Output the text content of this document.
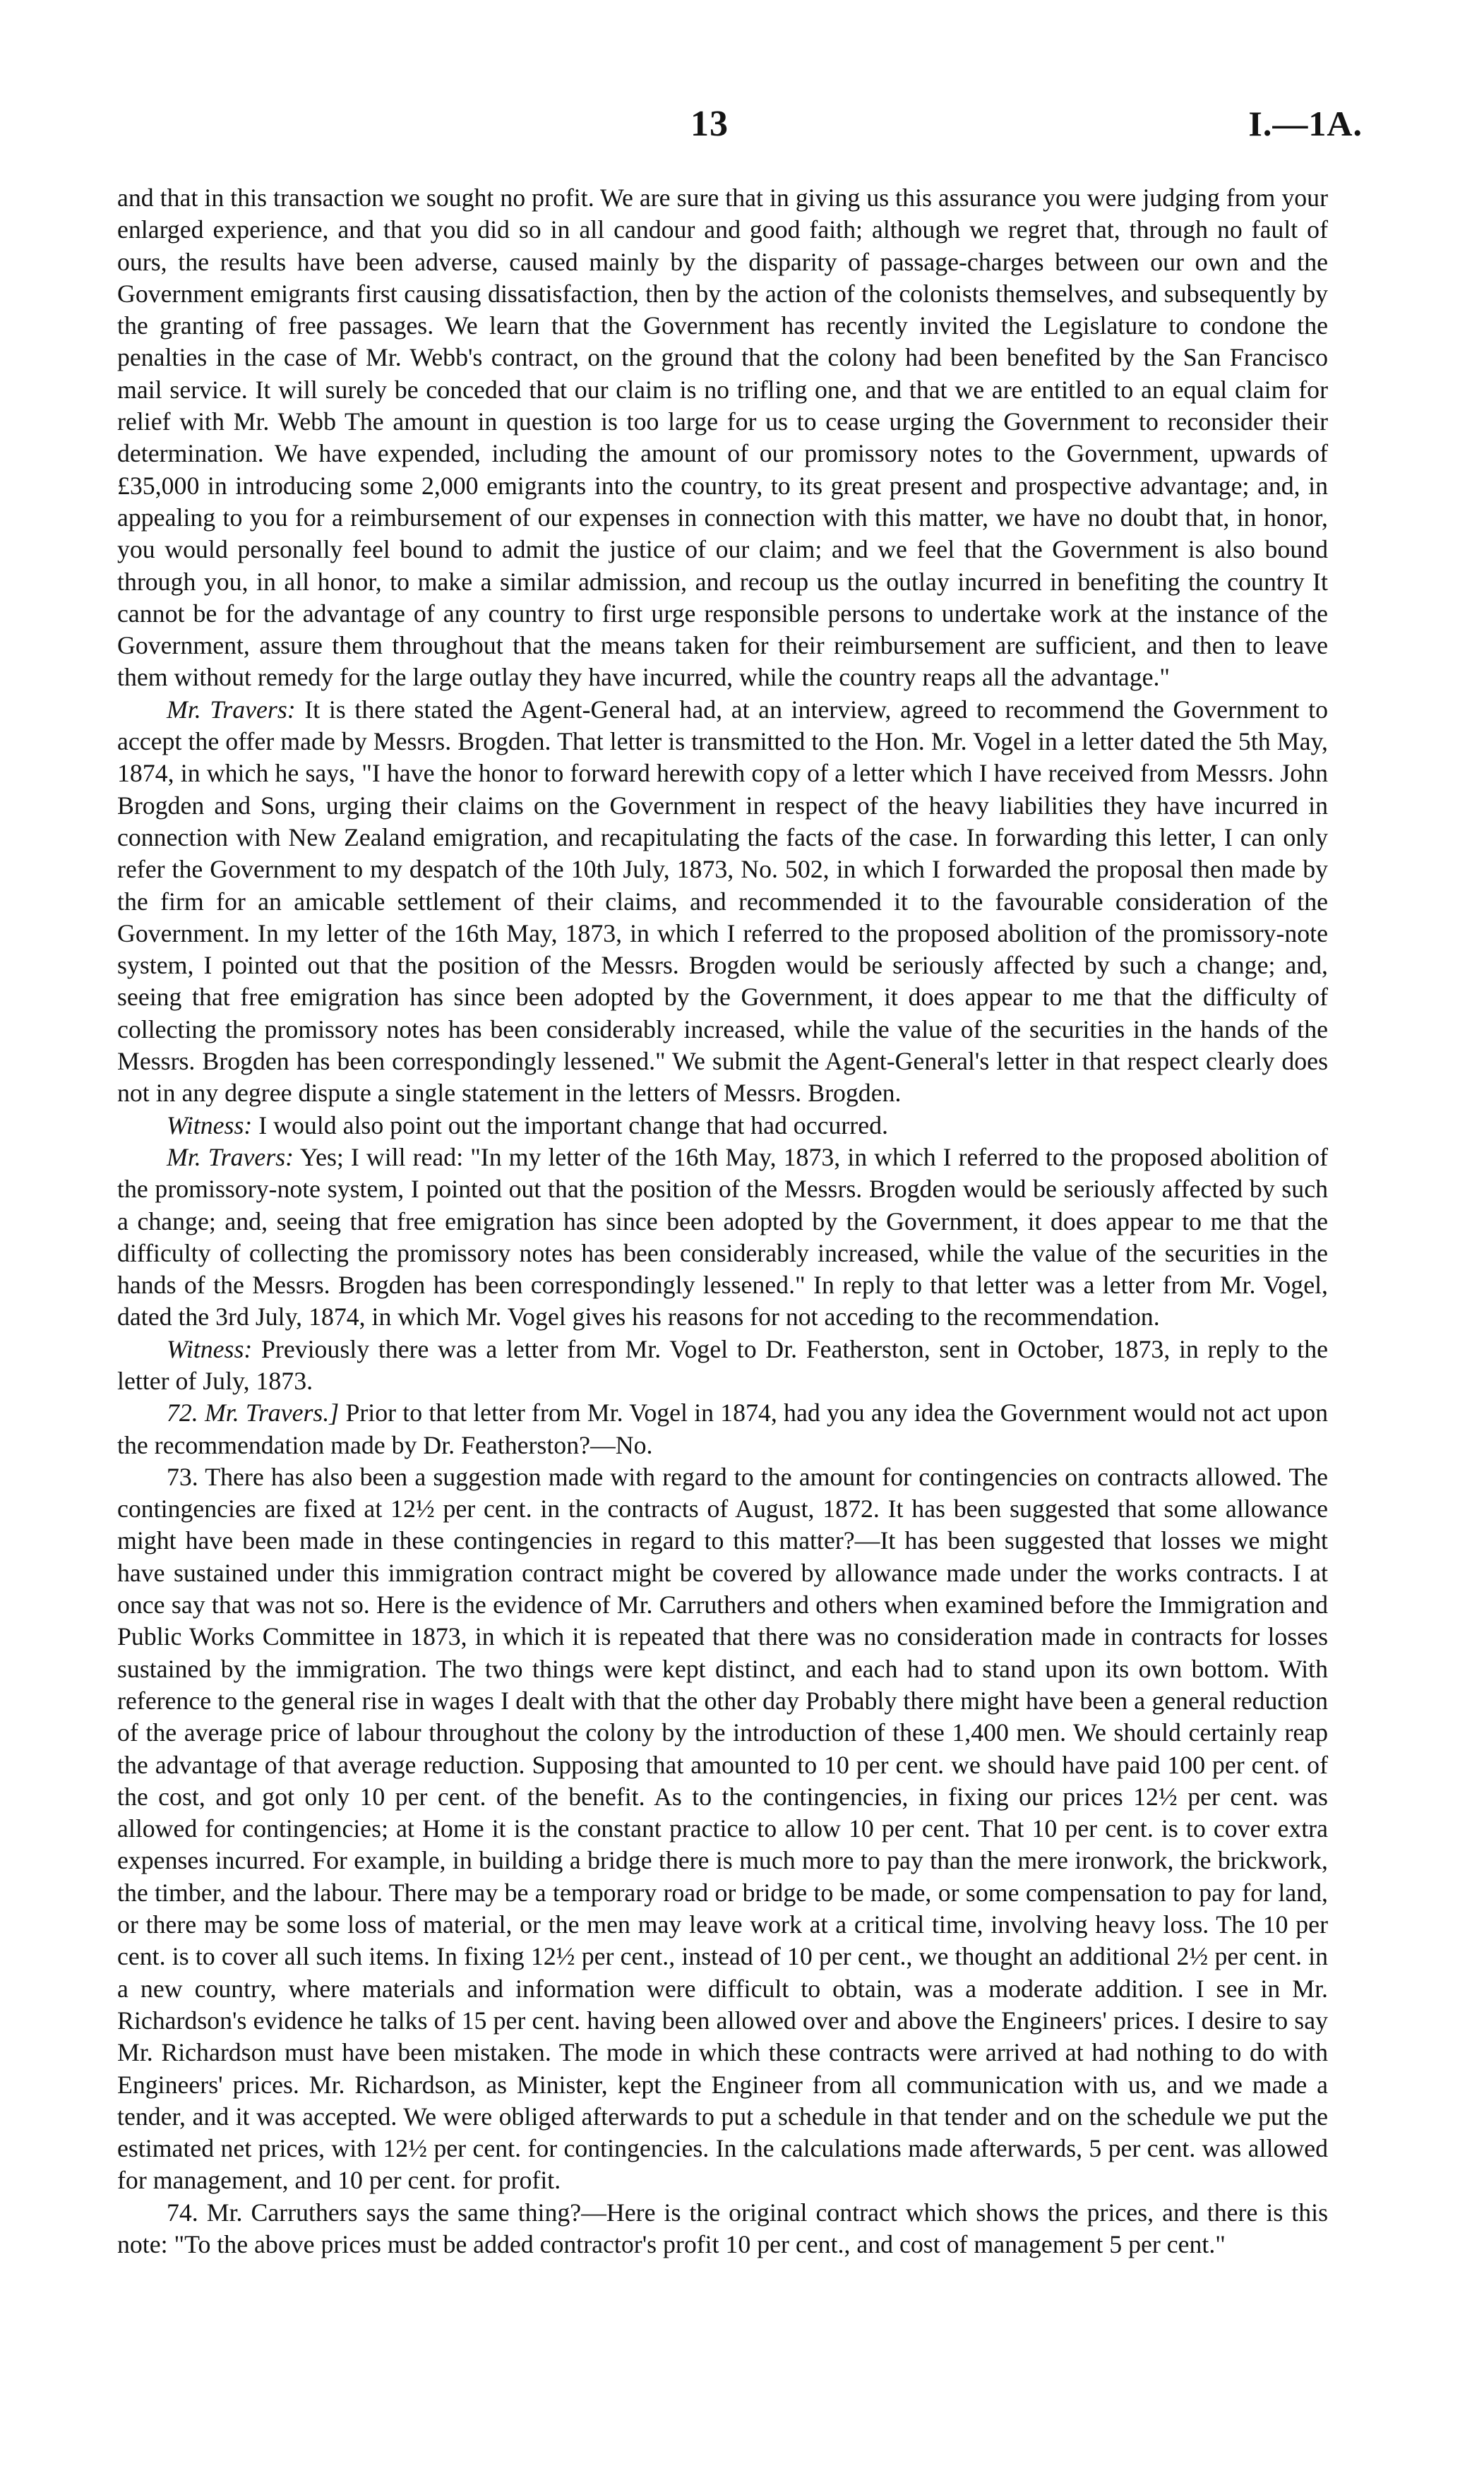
13	I.—1A.

and that in this transaction we sought no profit. We are sure that in giving us this assurance you were judging from your enlarged experience, and that you did so in all candour and good faith; although we regret that, through no fault of ours, the results have been adverse, caused mainly by the disparity of passage-charges between our own and the Government emigrants first causing dissatisfaction, then by the action of the colonists themselves, and subsequently by the granting of free passages. We learn that the Government has recently invited the Legislature to condone the penalties in the case of Mr. Webb's contract, on the ground that the colony had been benefited by the San Francisco mail service. It will surely be conceded that our claim is no trifling one, and that we are entitled to an equal claim for relief with Mr. Webb The amount in question is too large for us to cease urging the Government to reconsider their determination. We have expended, including the amount of our promissory notes to the Government, upwards of £35,000 in introducing some 2,000 emigrants into the country, to its great present and prospective advantage; and, in appealing to you for a reimbursement of our expenses in connection with this matter, we have no doubt that, in honor, you would personally feel bound to admit the justice of our claim; and we feel that the Government is also bound through you, in all honor, to make a similar admission, and recoup us the outlay incurred in benefiting the country It cannot be for the advantage of any country to first urge responsible persons to undertake work at the instance of the Government, assure them throughout that the means taken for their reimbursement are sufficient, and then to leave them without remedy for the large outlay they have incurred, while the country reaps all the advantage."

Mr. Travers: It is there stated the Agent-General had, at an interview, agreed to recommend the Government to accept the offer made by Messrs. Brogden. That letter is transmitted to the Hon. Mr. Vogel in a letter dated the 5th May, 1874, in which he says, "I have the honor to forward herewith copy of a letter which I have received from Messrs. John Brogden and Sons, urging their claims on the Government in respect of the heavy liabilities they have incurred in connection with New Zealand emigration, and recapitulating the facts of the case. In forwarding this letter, I can only refer the Government to my despatch of the 10th July, 1873, No. 502, in which I forwarded the proposal then made by the firm for an amicable settlement of their claims, and recommended it to the favourable consideration of the Government. In my letter of the 16th May, 1873, in which I referred to the proposed abolition of the promissory-note system, I pointed out that the position of the Messrs. Brogden would be seriously affected by such a change; and, seeing that free emigration has since been adopted by the Government, it does appear to me that the difficulty of collecting the promissory notes has been considerably increased, while the value of the securities in the hands of the Messrs. Brogden has been correspondingly lessened." We submit the Agent-General's letter in that respect clearly does not in any degree dispute a single statement in the letters of Messrs. Brogden.

Witness: I would also point out the important change that had occurred.

Mr. Travers: Yes; I will read: "In my letter of the 16th May, 1873, in which I referred to the proposed abolition of the promissory-note system, I pointed out that the position of the Messrs. Brogden would be seriously affected by such a change; and, seeing that free emigration has since been adopted by the Government, it does appear to me that the difficulty of collecting the promissory notes has been considerably increased, while the value of the securities in the hands of the Messrs. Brogden has been correspondingly lessened." In reply to that letter was a letter from Mr. Vogel, dated the 3rd July, 1874, in which Mr. Vogel gives his reasons for not acceding to the recommendation.

Witness: Previously there was a letter from Mr. Vogel to Dr. Featherston, sent in October, 1873, in reply to the letter of July, 1873.

72. Mr. Travers.] Prior to that letter from Mr. Vogel in 1874, had you any idea the Government would not act upon the recommendation made by Dr. Featherston?—No.

73. There has also been a suggestion made with regard to the amount for contingencies on contracts allowed. The contingencies are fixed at 12½ per cent. in the contracts of August, 1872. It has been suggested that some allowance might have been made in these contingencies in regard to this matter?—It has been suggested that losses we might have sustained under this immigration contract might be covered by allowance made under the works contracts. I at once say that was not so. Here is the evidence of Mr. Carruthers and others when examined before the Immigration and Public Works Committee in 1873, in which it is repeated that there was no consideration made in contracts for losses sustained by the immigration. The two things were kept distinct, and each had to stand upon its own bottom. With reference to the general rise in wages I dealt with that the other day Probably there might have been a general reduction of the average price of labour throughout the colony by the introduction of these 1,400 men. We should certainly reap the advantage of that average reduction. Supposing that amounted to 10 per cent. we should have paid 100 per cent. of the cost, and got only 10 per cent. of the benefit. As to the contingencies, in fixing our prices 12½ per cent. was allowed for contingencies; at Home it is the constant practice to allow 10 per cent. That 10 per cent. is to cover extra expenses incurred. For example, in building a bridge there is much more to pay than the mere ironwork, the brickwork, the timber, and the labour. There may be a temporary road or bridge to be made, or some compensation to pay for land, or there may be some loss of material, or the men may leave work at a critical time, involving heavy loss. The 10 per cent. is to cover all such items. In fixing 12½ per cent., instead of 10 per cent., we thought an additional 2½ per cent. in a new country, where materials and information were difficult to obtain, was a moderate addition. I see in Mr. Richardson's evidence he talks of 15 per cent. having been allowed over and above the Engineers' prices. I desire to say Mr. Richardson must have been mistaken. The mode in which these contracts were arrived at had nothing to do with Engineers' prices. Mr. Richardson, as Minister, kept the Engineer from all communication with us, and we made a tender, and it was accepted. We were obliged afterwards to put a schedule in that tender and on the schedule we put the estimated net prices, with 12½ per cent. for contingencies. In the calculations made afterwards, 5 per cent. was allowed for management, and 10 per cent. for profit.

74. Mr. Carruthers says the same thing?—Here is the original contract which shows the prices, and there is this note: "To the above prices must be added contractor's profit 10 per cent., and cost of management 5 per cent."
